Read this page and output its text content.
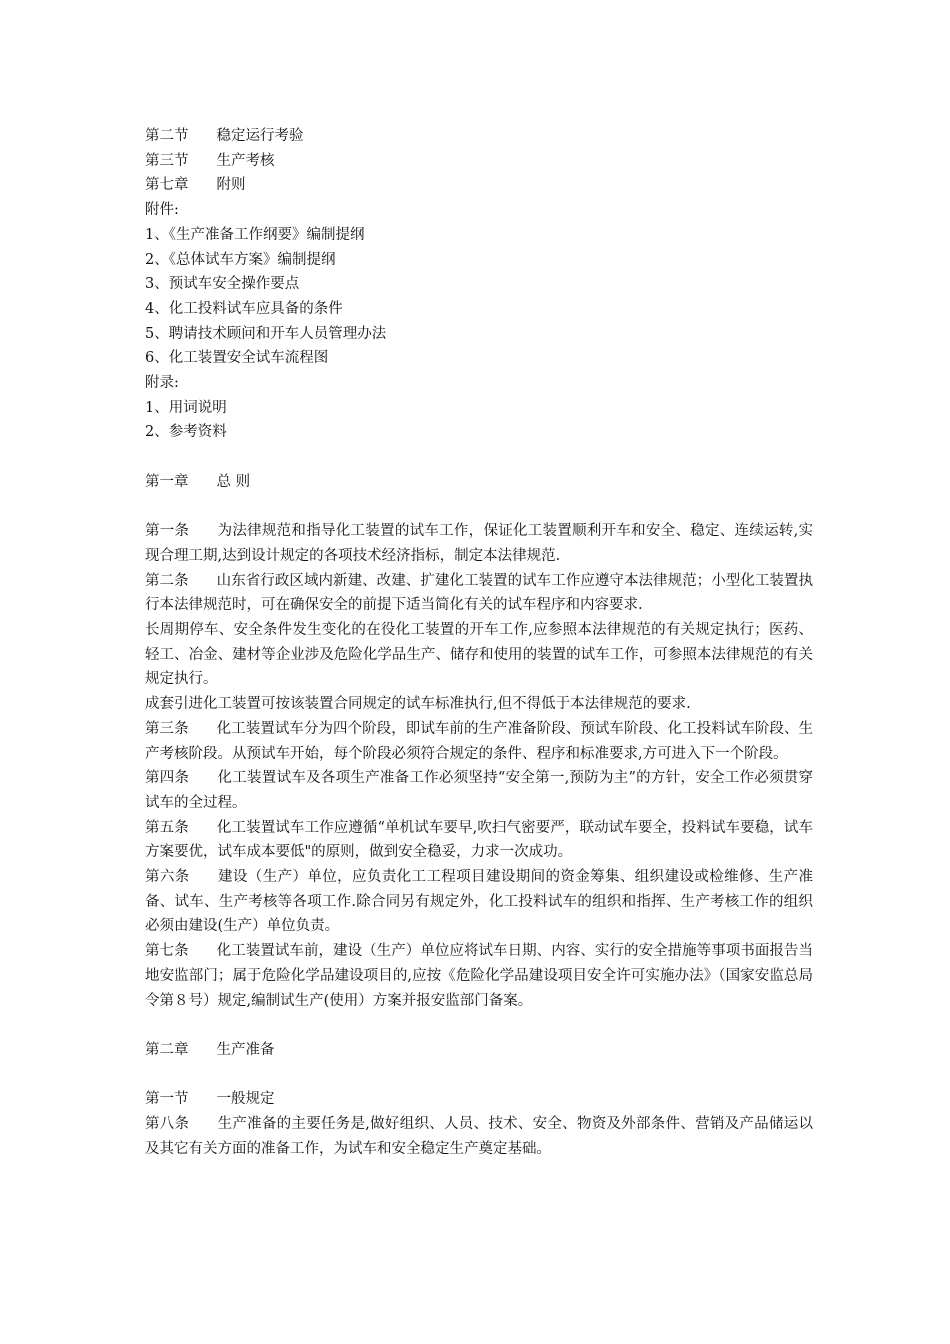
第二节 稳定运行考验
第三节 生产考核
第七章 附则
附件:
1、《生产准备工作纲要》编制提纲
2、《总体试车方案》编制提纲
3、预试车安全操作要点
4、化工投料试车应具备的条件
5、聘请技术顾问和开车人员管理办法
6、化工装置安全试车流程图
附录:
1、用词说明
2、参考资料
第一章 总 则
第一条 为法律规范和指导化工装置的试车工作，保证化工装置顺利开车和安全、稳定、连续运转,实现合理工期,达到设计规定的各项技术经济指标，制定本法律规范.
第二条 山东省行政区域内新建、改建、扩建化工装置的试车工作应遵守本法律规范；小型化工装置执行本法律规范时，可在确保安全的前提下适当简化有关的试车程序和内容要求.
长周期停车、安全条件发生变化的在役化工装置的开车工作,应参照本法律规范的有关规定执行；医药、轻工、冶金、建材等企业涉及危险化学品生产、储存和使用的装置的试车工作，可参照本法律规范的有关规定执行。
成套引进化工装置可按该装置合同规定的试车标准执行,但不得低于本法律规范的要求.
第三条 化工装置试车分为四个阶段，即试车前的生产准备阶段、预试车阶段、化工投料试车阶段、生产考核阶段。从预试车开始，每个阶段必须符合规定的条件、程序和标准要求,方可进入下一个阶段。
第四条 化工装置试车及各项生产准备工作必须坚持“安全第一,预防为主”的方针，安全工作必须贯穿试车的全过程。
第五条 化工装置试车工作应遵循“单机试车要早,吹扫气密要严，联动试车要全，投料试车要稳，试车方案要优，试车成本要低"的原则，做到安全稳妥，力求一次成功。
第六条 建设（生产）单位，应负责化工工程项目建设期间的资金筹集、组织建设或检维修、生产准备、试车、生产考核等各项工作.除合同另有规定外，化工投料试车的组织和指挥、生产考核工作的组织必须由建设(生产）单位负责。
第七条 化工装置试车前，建设（生产）单位应将试车日期、内容、实行的安全措施等事项书面报告当地安监部门；属于危险化学品建设项目的,应按《危险化学品建设项目安全许可实施办法》（国家安监总局令第８号）规定,编制试生产(使用）方案并报安监部门备案。
第二章 生产准备
第一节 一般规定
第八条 生产准备的主要任务是,做好组织、人员、技术、安全、物资及外部条件、营销及产品储运以及其它有关方面的准备工作，为试车和安全稳定生产奠定基础。
